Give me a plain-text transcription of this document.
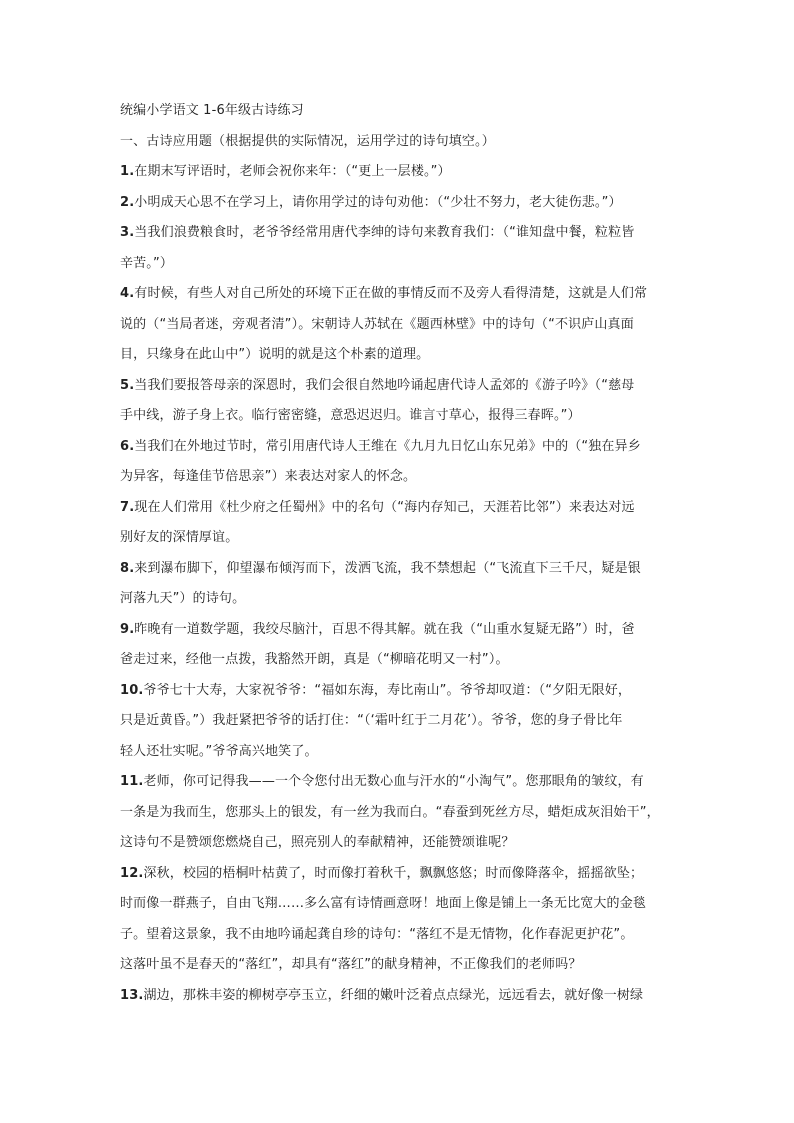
统编小学语文 1-6年级古诗练习
一、古诗应用题（根据提供的实际情况，运用学过的诗句填空。）
1.在期末写评语时，老师会祝你来年：（“更上一层楼。”）
2.小明成天心思不在学习上，请你用学过的诗句劝他：（“少壮不努力，老大徒伤悲。”）
3.当我们浪费粮食时，老爷爷经常用唐代李绅的诗句来教育我们：（“谁知盘中餐，粒粒皆
辛苦。”）
4.有时候，有些人对自己所处的环境下正在做的事情反而不及旁人看得清楚，这就是人们常
说的（“当局者迷，旁观者清”）。宋朝诗人苏轼在《题西林壁》中的诗句（“不识庐山真面
目，只缘身在此山中”）说明的就是这个朴素的道理。
5.当我们要报答母亲的深恩时，我们会很自然地吟诵起唐代诗人孟郊的《游子吟》（“慈母
手中线，游子身上衣。临行密密缝，意恐迟迟归。谁言寸草心，报得三春晖。”）
6.当我们在外地过节时，常引用唐代诗人王维在《九月九日忆山东兄弟》中的（“独在异乡
为异客，每逢佳节倍思亲”）来表达对家人的怀念。
7.现在人们常用《杜少府之任蜀州》中的名句（“海内存知己，天涯若比邻”）来表达对远
别好友的深情厚谊。
8.来到瀑布脚下，仰望瀑布倾泻而下，泼洒飞流，我不禁想起（“飞流直下三千尺，疑是银
河落九天”）的诗句。
9.昨晚有一道数学题，我绞尽脑汁，百思不得其解。就在我（“山重水复疑无路”）时，爸
爸走过来，经他一点拨，我豁然开朗，真是（“柳暗花明又一村”）。
10.爷爷七十大寿，大家祝爷爷：“福如东海，寿比南山”。爷爷却叹道：（“夕阳无限好，
只是近黄昏。”）我赶紧把爷爷的话打住：“（‘霜叶红于二月花’）。爷爷，您的身子骨比年
轻人还壮实呢。”爷爷高兴地笑了。
11.老师，你可记得我——一个令您付出无数心血与汗水的“小淘气”。您那眼角的皱纹，有
一条是为我而生，您那头上的银发，有一丝为我而白。“春蚕到死丝方尽，蜡炬成灰泪始干”，
这诗句不是赞颂您燃烧自己，照亮别人的奉献精神，还能赞颂谁呢？
12.深秋，校园的梧桐叶枯黄了，时而像打着秋千，飘飘悠悠；时而像降落伞，摇摇欲坠；
时而像一群燕子，自由飞翔……多么富有诗情画意呀！地面上像是铺上一条无比宽大的金毯
子。望着这景象，我不由地吟诵起龚自珍的诗句：“落红不是无情物，化作春泥更护花”。
这落叶虽不是春天的“落红”，却具有“落红”的献身精神，不正像我们的老师吗？
13.湖边，那株丰姿的柳树亭亭玉立，纤细的嫩叶泛着点点绿光，远远看去，就好像一树绿
